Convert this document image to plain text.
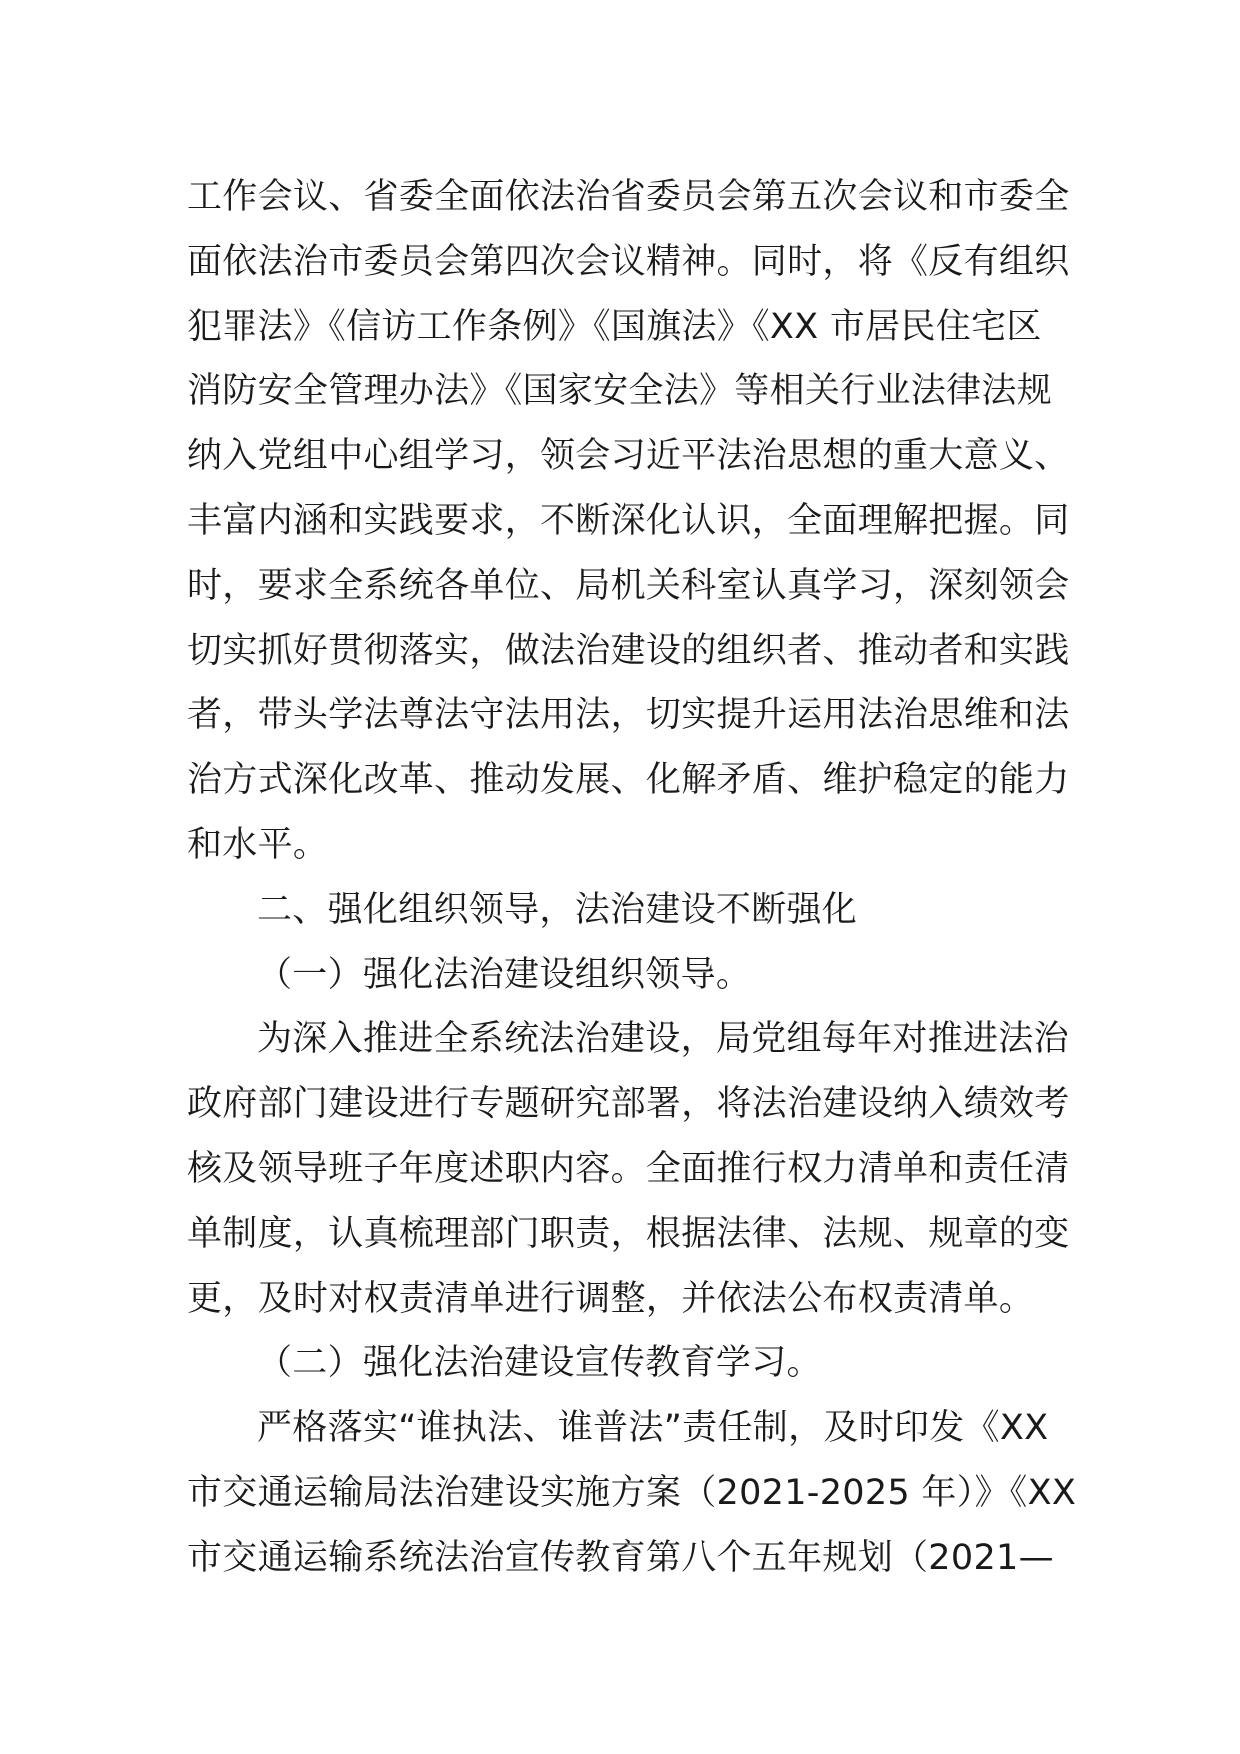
工作会议、省委全面依法治省委员会第五次会议和市委全
面依法治市委员会第四次会议精神。同时，将《反有组织
犯罪法》《信访工作条例》《国旗法》《XX 市居民住宅区
消防安全管理办法》《国家安全法》等相关行业法律法规
纳入党组中心组学习，领会习近平法治思想的重大意义、
丰富内涵和实践要求，不断深化认识，全面理解把握。同
时，要求全系统各单位、局机关科室认真学习，深刻领会
切实抓好贯彻落实，做法治建设的组织者、推动者和实践
者，带头学法尊法守法用法，切实提升运用法治思维和法
治方式深化改革、推动发展、化解矛盾、维护稳定的能力
和水平。
二、强化组织领导，法治建设不断强化
（一）强化法治建设组织领导。
为深入推进全系统法治建设，局党组每年对推进法治
政府部门建设进行专题研究部署，将法治建设纳入绩效考
核及领导班子年度述职内容。全面推行权力清单和责任清
单制度，认真梳理部门职责，根据法律、法规、规章的变
更，及时对权责清单进行调整，并依法公布权责清单。
（二）强化法治建设宣传教育学习。
严格落实“谁执法、谁普法”责任制，及时印发《XX
市交通运输局法治建设实施方案（2021-2025 年）》《XX
市交通运输系统法治宣传教育第八个五年规划（2021—
